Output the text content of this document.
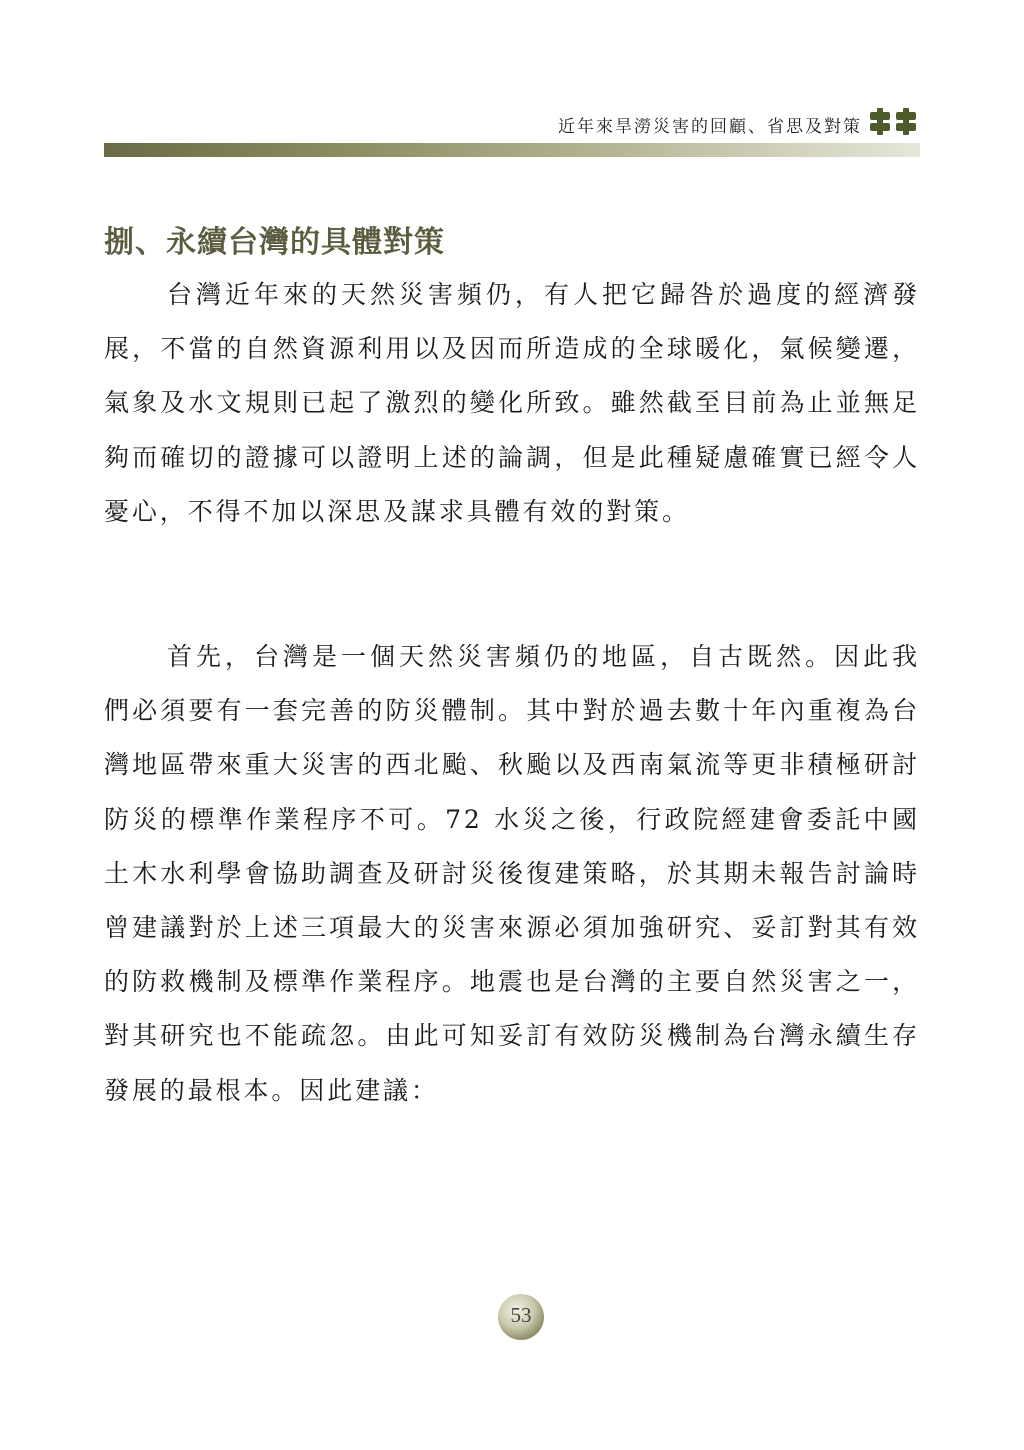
近年來旱澇災害的回顧、省思及對策
捌、永續台灣的具體對策

台灣近年來的天然災害頻仍，有人把它歸咎於過度的經濟發展，不當的自然資源利用以及因而所造成的全球暖化，氣候變遷，氣象及水文規則已起了激烈的變化所致。雖然截至目前為止並無足夠而確切的證據可以證明上述的論調，但是此種疑慮確實已經令人憂心，不得不加以深思及謀求具體有效的對策。

首先，台灣是一個天然災害頻仍的地區，自古既然。因此我們必須要有一套完善的防災體制。其中對於過去數十年內重複為台灣地區帶來重大災害的西北颱、秋颱以及西南氣流等更非積極研討防災的標準作業程序不可。72 水災之後，行政院經建會委託中國土木水利學會協助調查及研討災後復建策略，於其期未報告討論時曾建議對於上述三項最大的災害來源必須加強研究、妥訂對其有效的防救機制及標準作業程序。地震也是台灣的主要自然災害之一，對其研究也不能疏忽。由此可知妥訂有效防災機制為台灣永續生存發展的最根本。因此建議：

53
